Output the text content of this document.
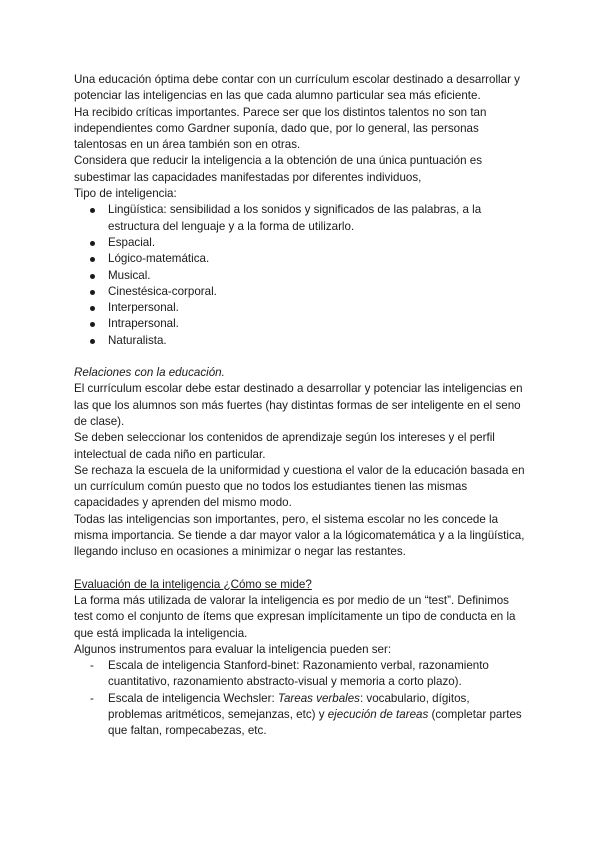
Una educación óptima debe contar con un currículum escolar destinado a desarrollar y potenciar las inteligencias en las que cada alumno particular sea más eficiente.

Ha recibido críticas importantes. Parece ser que los distintos talentos no son tan independientes como Gardner suponía, dado que, por lo general, las personas talentosas en un área también son en otras.

Considera que reducir la inteligencia a la obtención de una única puntuación es subestimar las capacidades manifestadas por diferentes individuos,

Tipo de inteligencia:

Lingüística: sensibilidad a los sonidos y significados de las palabras, a la estructura del lenguaje y a la forma de utilizarlo.
Espacial.
Lógico-matemática.
Musical.
Cinestésica-corporal.
Interpersonal.
Intrapersonal.
Naturalista.

Relaciones con la educación.

El currículum escolar debe estar destinado a desarrollar y potenciar las inteligencias en las que los alumnos son más fuertes (hay distintas formas de ser inteligente en el seno de clase).

Se deben seleccionar los contenidos de aprendizaje según los intereses y el perfil intelectual de cada niño en particular.

Se rechaza la escuela de la uniformidad y cuestiona el valor de la educación basada en un currículum común puesto que no todos los estudiantes tienen las mismas capacidades y aprenden del mismo modo.

Todas las inteligencias son importantes, pero, el sistema escolar no les concede la misma importancia. Se tiende a dar mayor valor a la lógicomatemática y a la lingüística, llegando incluso en ocasiones a minimizar o negar las restantes.

Evaluación de la inteligencia ¿Cómo se mide?

La forma más utilizada de valorar la inteligencia es por medio de un “test”. Definimos test como el conjunto de ítems que expresan implícitamente un tipo de conducta en la que está implicada la inteligencia.

Algunos instrumentos para evaluar la inteligencia pueden ser:

- Escala de inteligencia Stanford-binet: Razonamiento verbal, razonamiento cuantitativo, razonamiento abstracto-visual y memoria a corto plazo).
- Escala de inteligencia Wechsler: Tareas verbales: vocabulario, dígitos, problemas aritméticos, semejanzas, etc) y ejecución de tareas (completar partes que faltan, rompecabezas, etc.
